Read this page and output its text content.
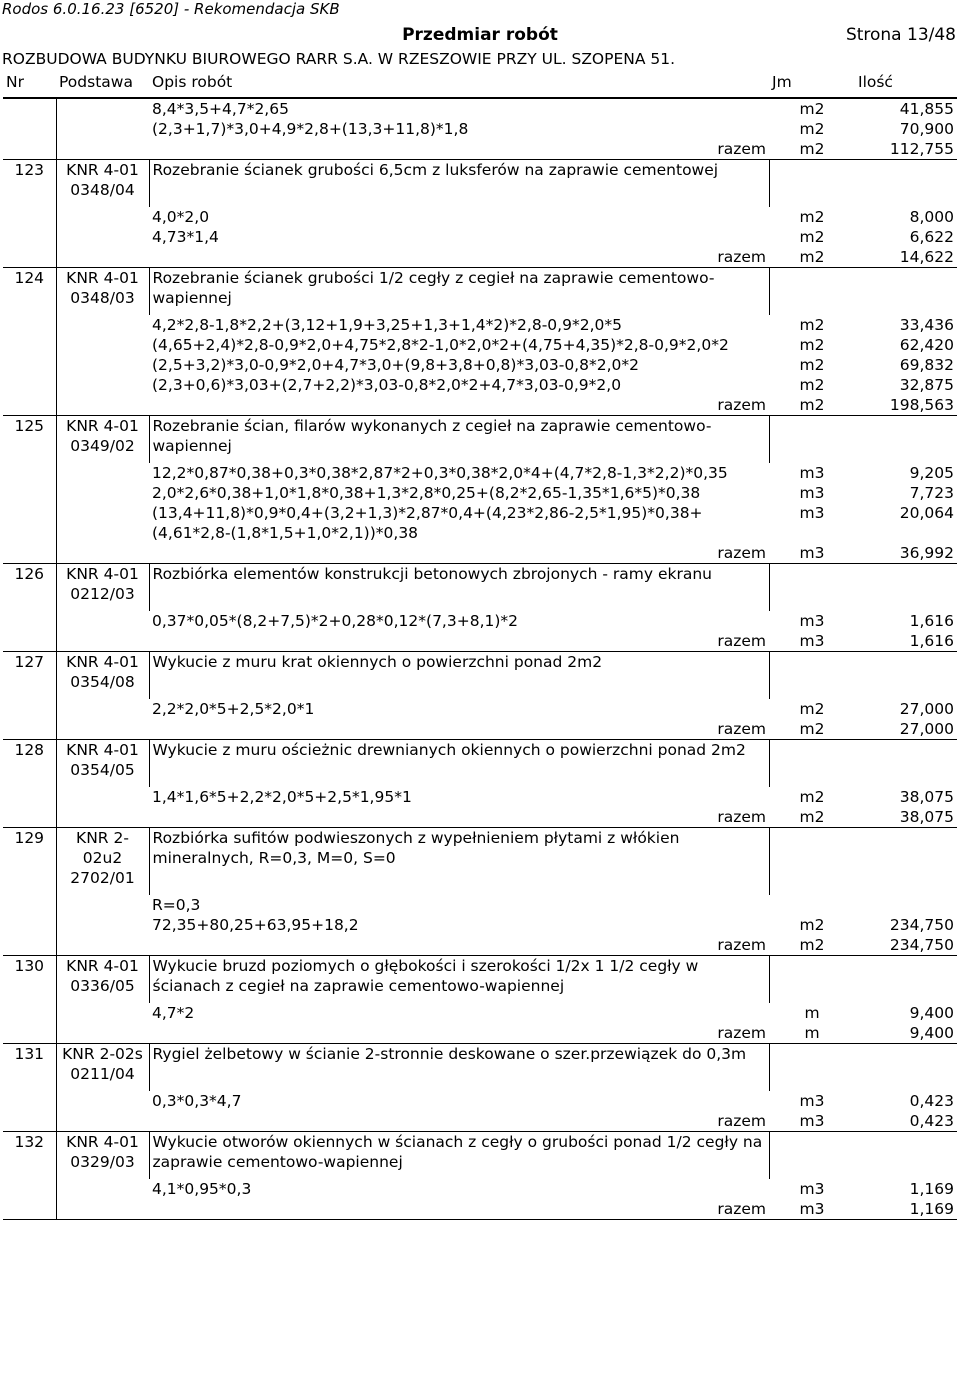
Rodos 6.0.16.23 [6520] - Rekomendacja SKB
Przedmiar robót	Strona 13/48
ROZBUDOWA BUDYNKU BIUROWEGO RARR S.A. W RZESZOWIE PRZY UL. SZOPENA 51.
Nr	Podstawa	Opis robót	Jm	Ilość
		8,4*3,5+4,7*2,65	m2	41,855
		(2,3+1,7)*3,0+4,9*2,8+(13,3+11,8)*1,8	m2	70,900
		razem	m2	112,755
123	KNR 4-01 0348/04	Rozebranie ścianek grubości 6,5cm z luksferów na zaprawie cementowej		

		4,0*2,0	m2	8,000
		4,73*1,4	m2	6,622
		razem	m2	14,622
124	KNR 4-01 0348/03	Rozebranie ścianek grubości 1/2 cegły z cegieł na zaprawie cementowo-wapiennej		

		4,2*2,8-1,8*2,2+(3,12+1,9+3,25+1,3+1,4*2)*2,8-0,9*2,0*5	m2	33,436
		(4,65+2,4)*2,8-0,9*2,0+4,75*2,8*2-1,0*2,0*2+(4,75+4,35)*2,8-0,9*2,0*2	m2	62,420
		(2,5+3,2)*3,0-0,9*2,0+4,7*3,0+(9,8+3,8+0,8)*3,03-0,8*2,0*2	m2	69,832
		(2,3+0,6)*3,03+(2,7+2,2)*3,03-0,8*2,0*2+4,7*3,03-0,9*2,0	m2	32,875
		razem	m2	198,563
125	KNR 4-01 0349/02	Rozebranie ścian, filarów wykonanych z cegieł na zaprawie cementowo-wapiennej		

		12,2*0,87*0,38+0,3*0,38*2,87*2+0,3*0,38*2,0*4+(4,7*2,8-1,3*2,2)*0,35	m3	9,205
		2,0*2,6*0,38+1,0*1,8*0,38+1,3*2,8*0,25+(8,2*2,65-1,35*1,6*5)*0,38	m3	7,723
		(13,4+11,8)*0,9*0,4+(3,2+1,3)*2,87*0,4+(4,23*2,86-2,5*1,95)*0,38+(4,61*2,8-(1,8*1,5+1,0*2,1))*0,38	m3	20,064
		razem	m3	36,992
126	KNR 4-01 0212/03	Rozbiórka elementów konstrukcji betonowych zbrojonych - ramy ekranu		

		0,37*0,05*(8,2+7,5)*2+0,28*0,12*(7,3+8,1)*2	m3	1,616
		razem	m3	1,616
127	KNR 4-01 0354/08	Wykucie z muru krat okiennych o powierzchni ponad 2m2		

		2,2*2,0*5+2,5*2,0*1	m2	27,000
		razem	m2	27,000
128	KNR 4-01 0354/05	Wykucie z muru ościeżnic drewnianych okiennych o powierzchni ponad 2m2		

		1,4*1,6*5+2,2*2,0*5+2,5*1,95*1	m2	38,075
		razem	m2	38,075
129	KNR 2-02u2 2702/01	Rozbiórka sufitów podwieszonych z wypełnieniem płytami z włókien mineralnych, R=0,3, M=0, S=0		

		R=0,3		
		72,35+80,25+63,95+18,2	m2	234,750
		razem	m2	234,750
130	KNR 4-01 0336/05	Wykucie bruzd poziomych o głębokości i szerokości 1/2x 1 1/2 cegły w ścianach z cegieł na zaprawie cementowo-wapiennej		

		4,7*2	m	9,400
		razem	m	9,400
131	KNR 2-02s 0211/04	Rygiel żelbetowy w ścianie 2-stronnie deskowane o szer.przewiązek do 0,3m		

		0,3*0,3*4,7	m3	0,423
		razem	m3	0,423
132	KNR 4-01 0329/03	Wykucie otworów okiennych w ścianach z cegły o grubości ponad 1/2 cegły na zaprawie cementowo-wapiennej		

		4,1*0,95*0,3	m3	1,169
		razem	m3	1,169
